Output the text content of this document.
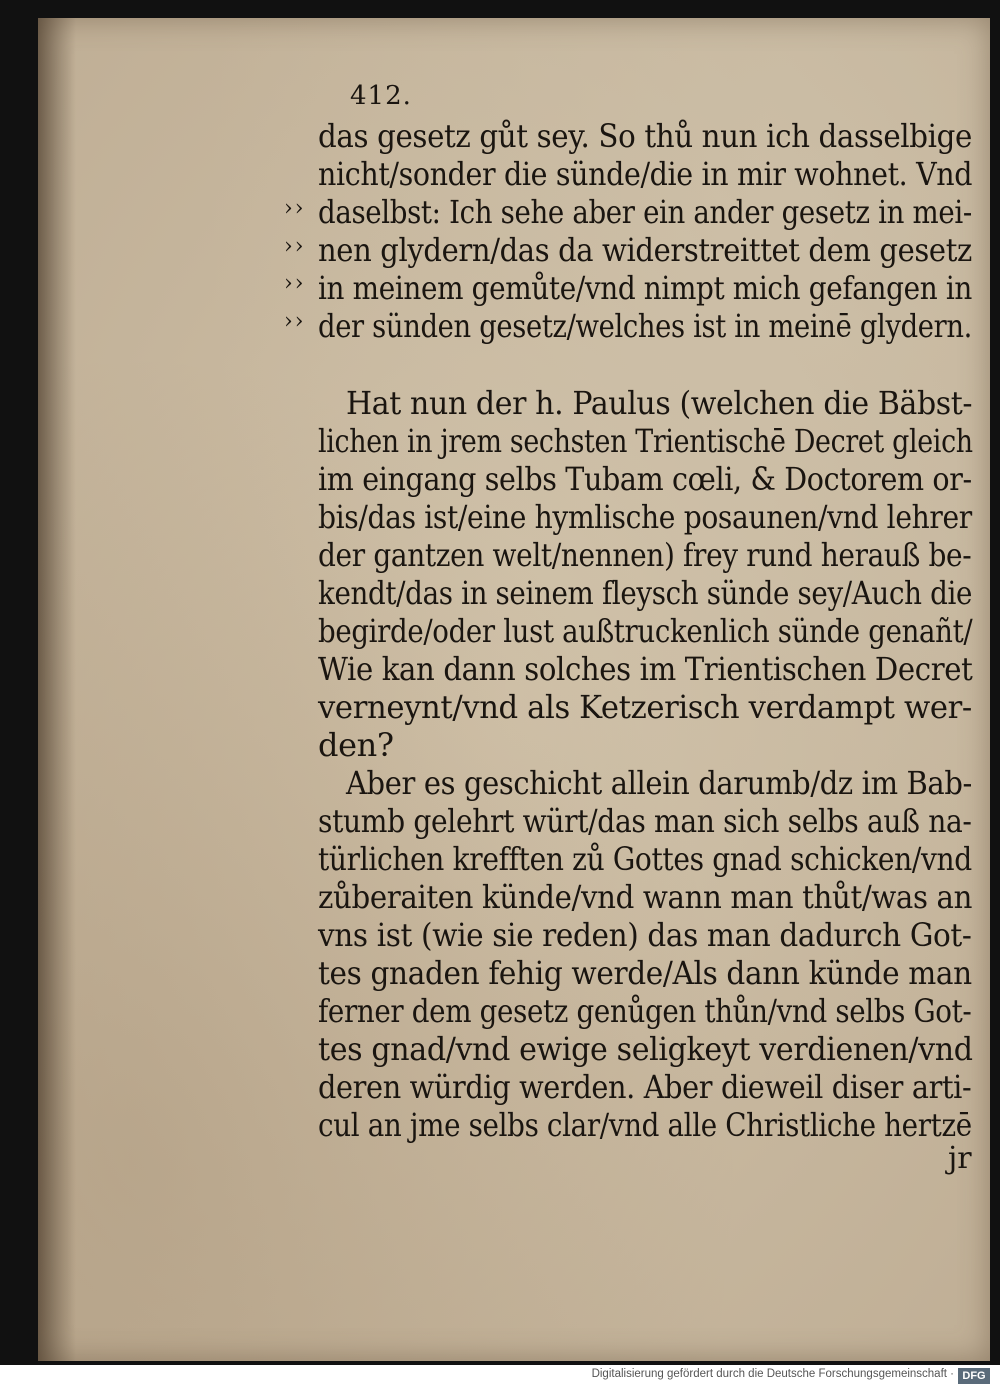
412.
››
››
››
››
das gesetz gůt sey. So thů nun ich dasselbige
nicht/sonder die sünde/die in mir wohnet. Vnd
daselbst: Ich sehe aber ein ander gesetz in mei-
nen glydern/das da widerstreittet dem gesetz
in meinem gemůte/vnd nimpt mich gefangen in
der sünden gesetz/welches ist in meinē glydern.
Hat nun der h. Paulus (welchen die Bäbst-
lichen in jrem sechsten Trientischē Decret gleich
im eingang selbs Tubam cœli, & Doctorem or-
bis/das ist/eine hymlische posaunen/vnd lehrer
der gantzen welt/nennen) frey rund herauß be-
kendt/das in seinem fleysch sünde sey/Auch die
begirde/oder lust außtruckenlich sünde genañt/
Wie kan dann solches im Trientischen Decret
verneynt/vnd als Ketzerisch verdampt wer-
den?
Aber es geschicht allein darumb/dz im Bab-
stumb gelehrt würt/das man sich selbs auß na-
türlichen krefften zů Gottes gnad schicken/vnd
zůberaiten künde/vnd wann man thůt/was an
vns ist (wie sie reden) das man dadurch Got-
tes gnaden fehig werde/Als dann künde man
ferner dem gesetz genůgen thůn/vnd selbs Got-
tes gnad/vnd ewige seligkeyt verdienen/vnd
deren würdig werden. Aber dieweil diser arti-
cul an jme selbs clar/vnd alle Christliche hertzē
jr
Digitalisierung gefördert durch die Deutsche Forschungsgemeinschaft · DFG
